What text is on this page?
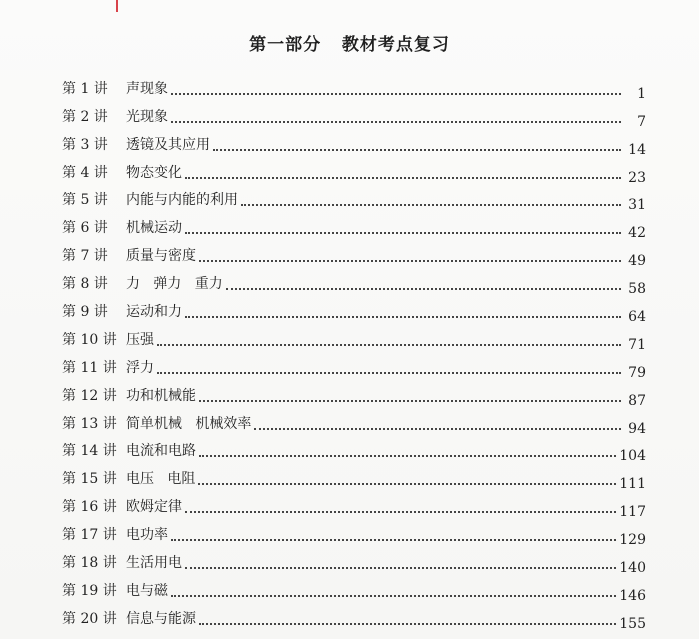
第一部分   教材考点复习
第 1 讲	声现象	1
第 2 讲	光现象	7
第 3 讲	透镜及其应用	14
第 4 讲	物态变化	23
第 5 讲	内能与内能的利用	31
第 6 讲	机械运动	42
第 7 讲	质量与密度	49
第 8 讲	力   弹力   重力	58
第 9 讲	运动和力	64
第 10 讲 压强	71
第 11 讲 浮力	79
第 12 讲 功和机械能	87
第 13 讲 简单机械   机械效率	94
第 14 讲 电流和电路	104
第 15 讲 电压   电阻	111
第 16 讲 欧姆定律	117
第 17 讲 电功率	129
第 18 讲 生活用电	140
第 19 讲 电与磁	146
第 20 讲 信息与能源	155
